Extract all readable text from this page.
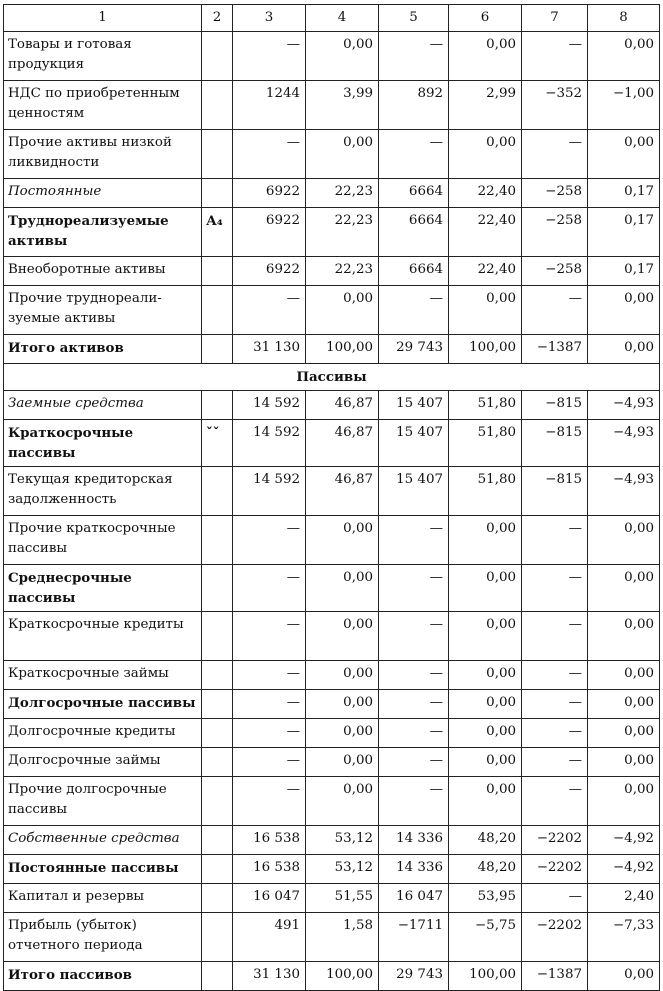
1	2	3	4	5	6	7	8
Товары и готовая продукция		—	0,00	—	0,00	—	0,00
НДС по приобретенным ценностям		1244	3,99	892	2,99	−352	−1,00
Прочие активы низкой ликвидности		—	0,00	—	0,00	—	0,00
Постоянные		6922	22,23	6664	22,40	−258	0,17
Труднореализуемые активы	А₄	6922	22,23	6664	22,40	−258	0,17
Внеоборотные активы		6922	22,23	6664	22,40	−258	0,17
Прочие труднореали-зуемые активы		—	0,00	—	0,00	—	0,00
Итого активов		31 130	100,00	29 743	100,00	−1387	0,00
Пассивы							
Заемные средства		14 592	46,87	15 407	51,80	−815	−4,93
Краткосрочные пассивы	ˇˇ	14 592	46,87	15 407	51,80	−815	−4,93
Текущая кредиторская задолженность		14 592	46,87	15 407	51,80	−815	−4,93
Прочие краткосрочные пассивы		—	0,00	—	0,00	—	0,00
Среднесрочные пассивы		—	0,00	—	0,00	—	0,00
Краткосрочные кредиты		—	0,00	—	0,00	—	0,00
Краткосрочные займы		—	0,00	—	0,00	—	0,00
Долгосрочные пассивы		—	0,00	—	0,00	—	0,00
Долгосрочные кредиты		—	0,00	—	0,00	—	0,00
Долгосрочные займы		—	0,00	—	0,00	—	0,00
Прочие долгосрочные пассивы		—	0,00	—	0,00	—	0,00
Собственные средства		16 538	53,12	14 336	48,20	−2202	−4,92
Постоянные пассивы		16 538	53,12	14 336	48,20	−2202	−4,92
Капитал и резервы		16 047	51,55	16 047	53,95	—	2,40
Прибыль (убыток) отчетного периода		491	1,58	−1711	−5,75	−2202	−7,33
Итого пассивов		31 130	100,00	29 743	100,00	−1387	0,00
